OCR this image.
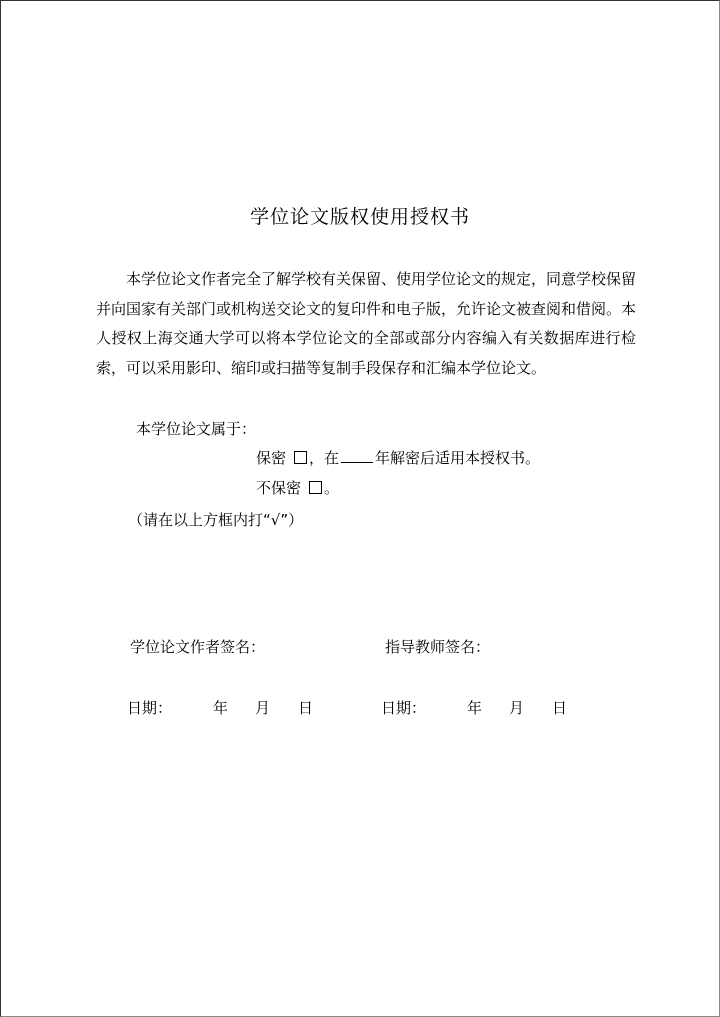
学位论文版权使用授权书
本学位论文作者完全了解学校有关保留、使用学位论文的规定，同意学校保留并向国家有关部门或机构送交论文的复印件和电子版，允许论文被查阅和借阅。本人授权上海交通大学可以将本学位论文的全部或部分内容编入有关数据库进行检索，可以采用影印、缩印或扫描等复制手段保存和汇编本学位论文。
本学位论文属于：
保密 ，在 年解密后适用本授权书。
不保密 。
（请在以上方框内打“√”）
学位论文作者签名：	指导教师签名：
日期：	年 月 日	日期：	年 月 日
